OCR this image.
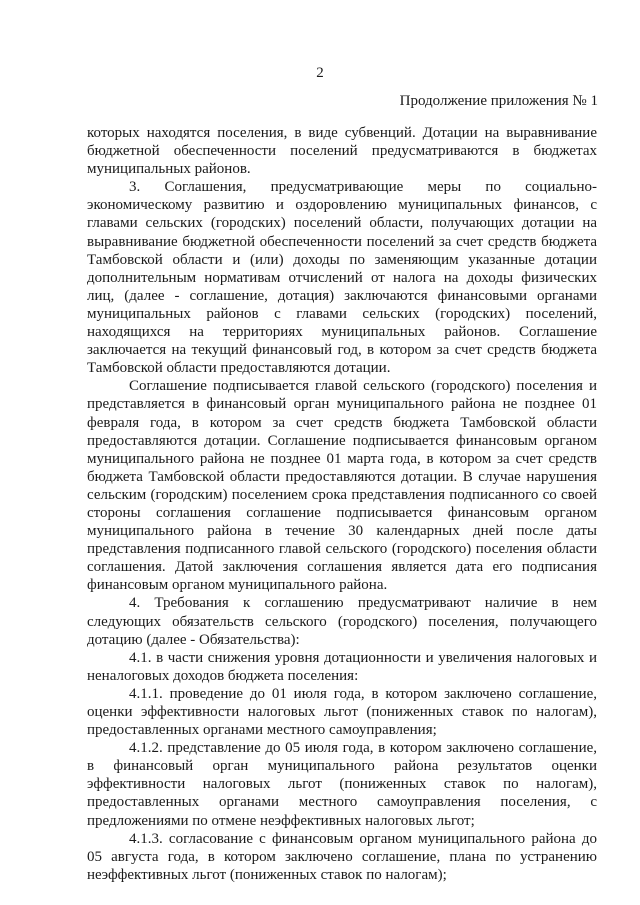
2
Продолжение приложения № 1

которых находятся поселения, в виде субвенций. Дотации на выравнивание бюджетной обеспеченности поселений предусматриваются в бюджетах муниципальных районов.

3. Соглашения, предусматривающие меры по социально-экономическому развитию и оздоровлению муниципальных финансов, с главами сельских (городских) поселений области, получающих дотации на выравнивание бюджетной обеспеченности поселений за счет средств бюджета Тамбовской области и (или) доходы по заменяющим указанные дотации дополнительным нормативам отчислений от налога на доходы физических лиц, (далее - соглашение, дотация) заключаются финансовыми органами муниципальных районов с главами сельских (городских) поселений, находящихся на территориях муниципальных районов. Соглашение заключается на текущий финансовый год, в котором за счет средств бюджета Тамбовской области предоставляются дотации.

Соглашение подписывается главой сельского (городского) поселения и представляется в финансовый орган муниципального района не позднее 01 февраля года, в котором за счет средств бюджета Тамбовской области предоставляются дотации. Соглашение подписывается финансовым органом муниципального района не позднее 01 марта года, в котором за счет средств бюджета Тамбовской области предоставляются дотации. В случае нарушения сельским (городским) поселением срока представления подписанного со своей стороны соглашения соглашение подписывается финансовым органом муниципального района в течение 30 календарных дней после даты представления подписанного главой сельского (городского) поселения области соглашения. Датой заключения соглашения является дата его подписания финансовым органом муниципального района.

4. Требования к соглашению предусматривают наличие в нем следующих обязательств сельского (городского) поселения, получающего дотацию (далее - Обязательства):

4.1. в части снижения уровня дотационности и увеличения налоговых и неналоговых доходов бюджета поселения:

4.1.1. проведение до 01 июля года, в котором заключено соглашение, оценки эффективности налоговых льгот (пониженных ставок по налогам), предоставленных органами местного самоуправления;

4.1.2. представление до 05 июля года, в котором заключено соглашение, в финансовый орган муниципального района результатов оценки эффективности налоговых льгот (пониженных ставок по налогам), предоставленных органами местного самоуправления поселения, с предложениями по отмене неэффективных налоговых льгот;

4.1.3. согласование с финансовым органом муниципального района до 05 августа года, в котором заключено соглашение, плана по устранению неэффективных льгот (пониженных ставок по налогам);
